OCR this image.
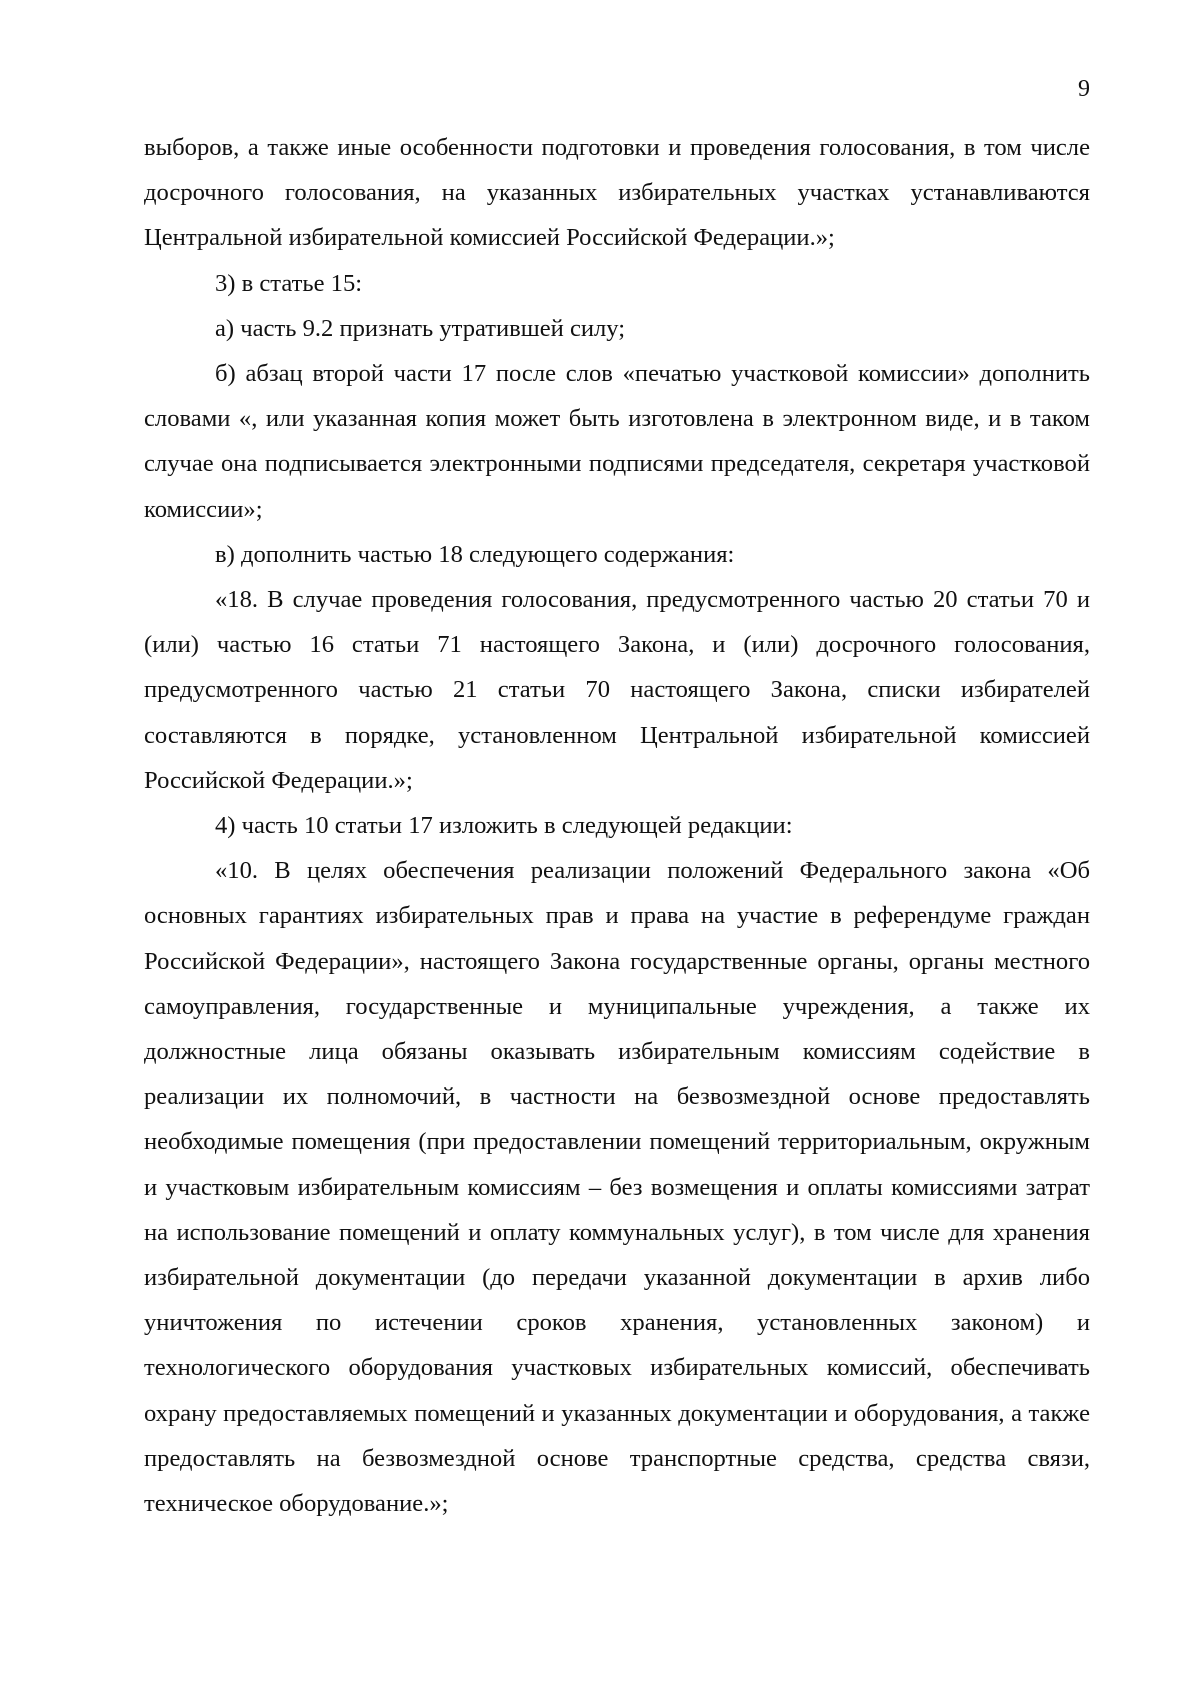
9

выборов, а также иные особенности подготовки и проведения голосования, в том числе досрочного голосования, на указанных избирательных участках устанавливаются Центральной избирательной комиссией Российской Федерации.»;

3) в статье 15:

а) часть 9.2 признать утратившей силу;

б) абзац второй части 17 после слов «печатью участковой комиссии» дополнить словами «, или указанная копия может быть изготовлена в электронном виде, и в таком случае она подписывается электронными подписями председателя, секретаря участковой комиссии»;

в) дополнить частью 18 следующего содержания:

«18. В случае проведения голосования, предусмотренного частью 20 статьи 70 и (или) частью 16 статьи 71 настоящего Закона, и (или) досрочного голосования, предусмотренного частью 21 статьи 70 настоящего Закона, списки избирателей составляются в порядке, установленном Центральной избирательной комиссией Российской Федерации.»;

4) часть 10 статьи 17 изложить в следующей редакции:

«10. В целях обеспечения реализации положений Федерального закона «Об основных гарантиях избирательных прав и права на участие в референдуме граждан Российской Федерации», настоящего Закона государственные органы, органы местного самоуправления, государственные и муниципальные учреждения, а также их должностные лица обязаны оказывать избирательным комиссиям содействие в реализации их полномочий, в частности на безвозмездной основе предоставлять необходимые помещения (при предоставлении помещений территориальным, окружным и участковым избирательным комиссиям – без возмещения и оплаты комиссиями затрат на использование помещений и оплату коммунальных услуг), в том числе для хранения избирательной документации (до передачи указанной документации в архив либо уничтожения по истечении сроков хранения, установленных законом) и технологического оборудования участковых избирательных комиссий, обеспечивать охрану предоставляемых помещений и указанных документации и оборудования, а также предоставлять на безвозмездной основе транспортные средства, средства связи, техническое оборудование.»;
